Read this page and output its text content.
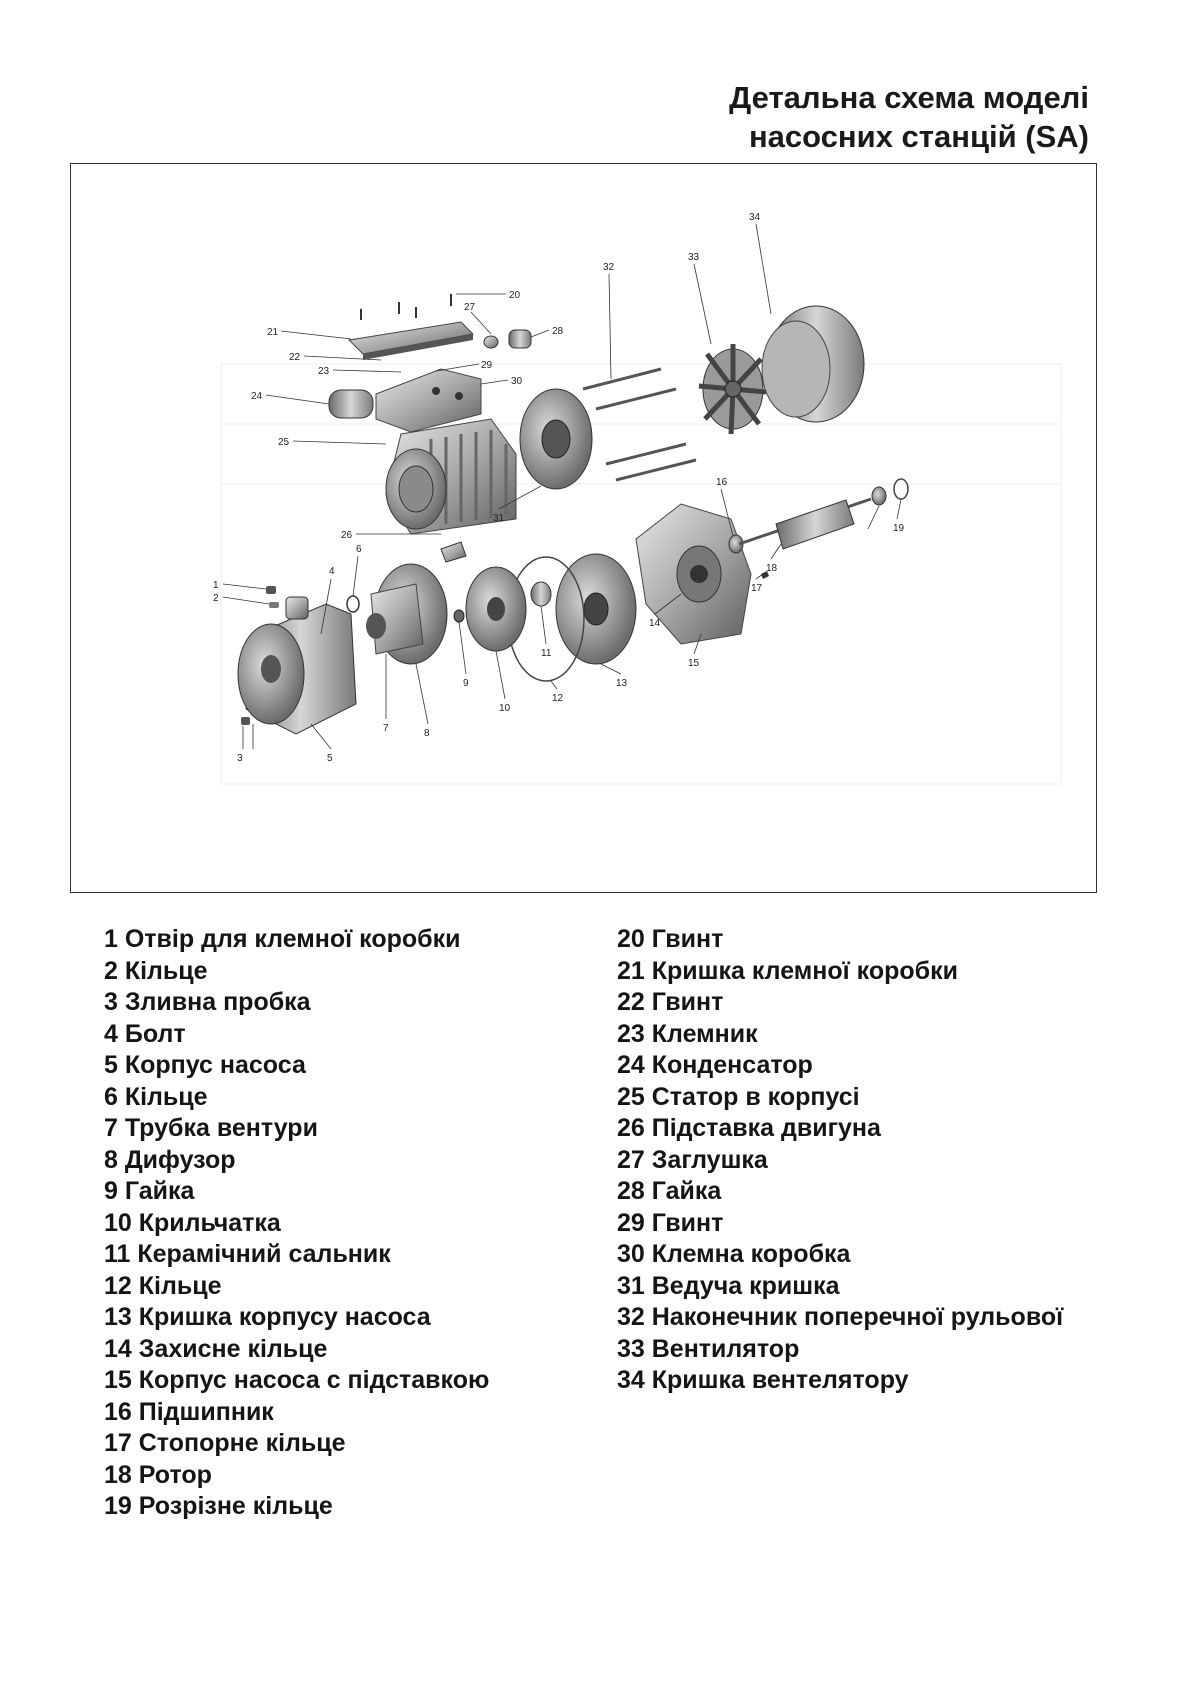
Детальна схема моделі
насосних станцій (SA)
1
2
3
4
5
6
7	8
9
10
11
12
13
14
15
16
17
18
19
20
21
22
23
24
25
26
27
28
29
30
31
32
33
34
1 Отвір для клемної коробки
2 Кільце
3 Зливна пробка
4 Болт
5 Корпус насоса
6 Кільце
7 Трубка вентури
8 Дифузор
9 Гайка
10 Крильчатка
11 Керамічний сальник
12 Кільце
13 Кришка корпусу насоса
14 Захисне кільце
15 Корпус насоса с підставкою
16 Підшипник
17 Стопорне кільце
18 Ротор
19 Розрізне кільце
20 Гвинт
21 Кришка клемної коробки
22 Гвинт
23 Клемник
24 Конденсатор
25 Статор в корпусі
26 Підставка двигуна
27 Заглушка
28 Гайка
29 Гвинт
30 Клемна коробка
31 Ведуча кришка
32 Наконечник поперечної рульової
33 Вентилятор
34 Кришка вентелятору
